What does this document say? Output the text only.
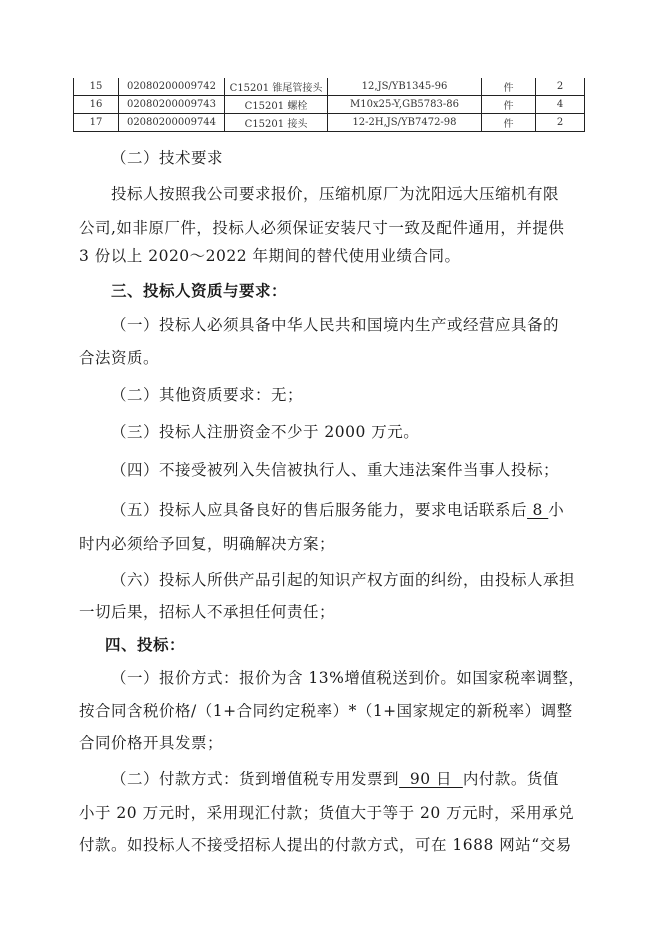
15	02080200009742	C15201 锥尾管接头	12,JS/YB1345-96	件	2
16	02080200009743	C15201 螺栓	M10x25-Y,GB5783-86	件	4
17	02080200009744	C15201 接头	12-2H,JS/YB7472-98	件	2
（二）技术要求
投标人按照我公司要求报价，压缩机原厂为沈阳远大压缩机有限
公司,如非原厂件，投标人必须保证安装尺寸一致及配件通用，并提供
3 份以上 2020～2022 年期间的替代使用业绩合同。
三、投标人资质与要求：
（一）投标人必须具备中华人民共和国境内生产或经营应具备的
合法资质。
（二）其他资质要求：无；
（三）投标人注册资金不少于 2000 万元。
（四）不接受被列入失信被执行人、重大违法案件当事人投标；
（五）投标人应具备良好的售后服务能力，要求电话联系后 8 小
时内必须给予回复，明确解决方案；
（六）投标人所供产品引起的知识产权方面的纠纷，由投标人承担
一切后果，招标人不承担任何责任；
四、投标：
（一）报价方式：报价为含 13%增值税送到价。如国家税率调整，
按合同含税价格/（1+合同约定税率）*（1+国家规定的新税率）调整
合同价格开具发票；
（二）付款方式：货到增值税专用发票到  90 日  内付款。货值
小于 20 万元时，采用现汇付款；货值大于等于 20 万元时，采用承兑
付款。如投标人不接受招标人提出的付款方式，可在 1688 网站“交易
